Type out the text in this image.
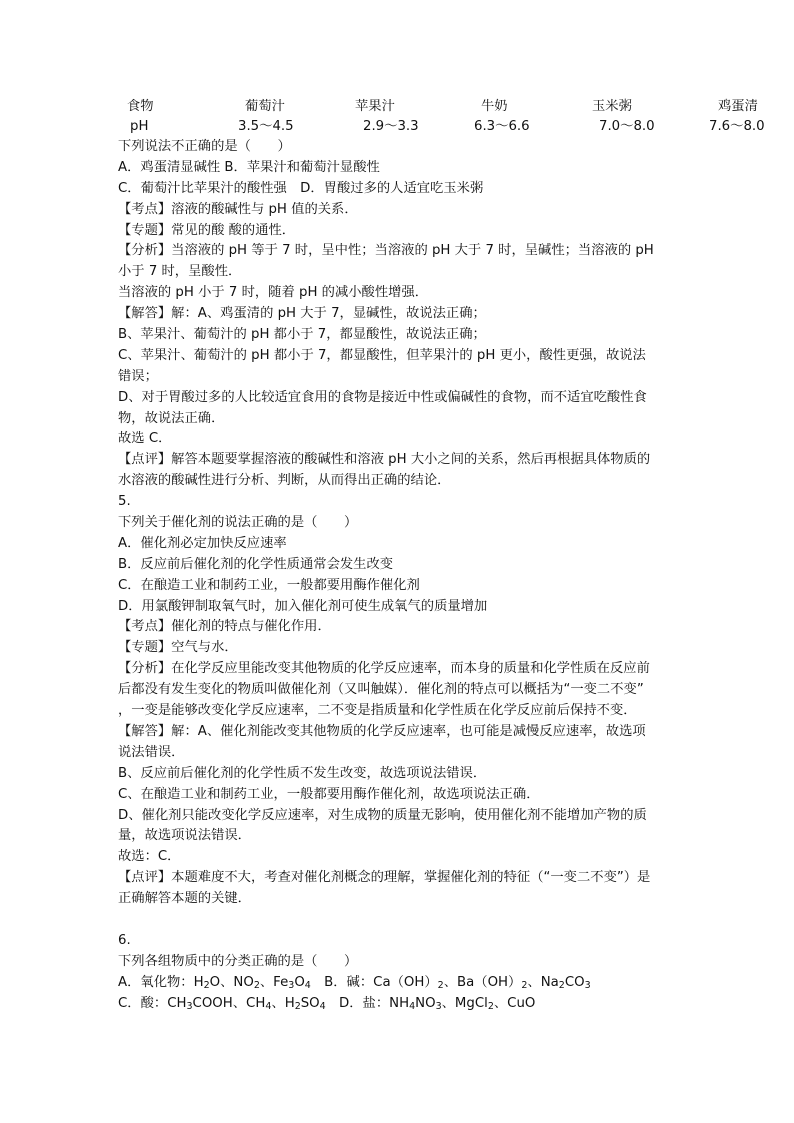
食物	葡萄汁	苹果汁	牛奶	玉米粥	鸡蛋清
pH	3.5～4.5	2.9～3.3	6.3～6.6	7.0～8.0	7.6～8.0
下列说法不正确的是（　　）
A．鸡蛋清显碱性 B．苹果汁和葡萄汁显酸性
C．葡萄汁比苹果汁的酸性强　D．胃酸过多的人适宜吃玉米粥
【考点】溶液的酸碱性与 pH 值的关系．
【专题】常见的酸 酸的通性．
【分析】当溶液的 pH 等于 7 时，呈中性；当溶液的 pH 大于 7 时，呈碱性；当溶液的 pH
小于 7 时，呈酸性．
当溶液的 pH 小于 7 时，随着 pH 的减小酸性增强．
【解答】解：A、鸡蛋清的 pH 大于 7，显碱性，故说法正确；
B、苹果汁、葡萄汁的 pH 都小于 7，都显酸性，故说法正确；
C、苹果汁、葡萄汁的 pH 都小于 7，都显酸性，但苹果汁的 pH 更小，酸性更强，故说法
错误；
D、对于胃酸过多的人比较适宜食用的食物是接近中性或偏碱性的食物，而不适宜吃酸性食
物，故说法正确．
故选 C．
【点评】解答本题要掌握溶液的酸碱性和溶液 pH 大小之间的关系，然后再根据具体物质的
水溶液的酸碱性进行分析、判断，从而得出正确的结论．
5.
下列关于催化剂的说法正确的是（　　）
A．催化剂必定加快反应速率
B．反应前后催化剂的化学性质通常会发生改变
C．在酿造工业和制药工业，一般都要用酶作催化剂
D．用氯酸钾制取氧气时，加入催化剂可使生成氧气的质量增加
【考点】催化剂的特点与催化作用．
【专题】空气与水．
【分析】在化学反应里能改变其他物质的化学反应速率，而本身的质量和化学性质在反应前
后都没有发生变化的物质叫做催化剂（又叫触媒）．催化剂的特点可以概括为“一变二不变”
，一变是能够改变化学反应速率，二不变是指质量和化学性质在化学反应前后保持不变．
【解答】解：A、催化剂能改变其他物质的化学反应速率，也可能是减慢反应速率，故选项
说法错误．
B、反应前后催化剂的化学性质不发生改变，故选项说法错误．
C、在酿造工业和制药工业，一般都要用酶作催化剂，故选项说法正确．
D、催化剂只能改变化学反应速率，对生成物的质量无影响，使用催化剂不能增加产物的质
量，故选项说法错误．
故选：C．
【点评】本题难度不大，考查对催化剂概念的理解，掌握催化剂的特征（“一变二不变”）是
正确解答本题的关键．
6.
下列各组物质中的分类正确的是（　　）
A．氧化物：$H_2O$、$NO_2$、$Fe_3O_4$　B．碱：$Ca(OH)_2$、$Ba(OH)_2$、$Na_2CO_3$
C．酸：$CH_3COOH$、$CH_4$、$H_2SO_4$　D．盐：$NH_4NO_3$、MgCl$_2$、CuO
